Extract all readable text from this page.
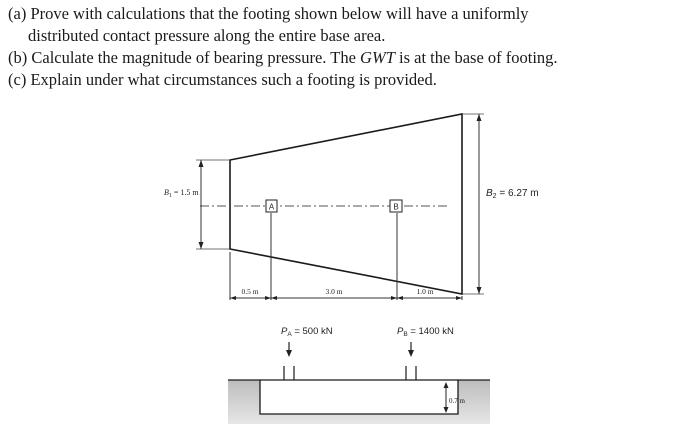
(a) Prove with calculations that the footing shown below will have a uniformly
distributed contact pressure along the entire base area.
(b) Calculate the magnitude of bearing pressure. The GWT is at the base of footing.
(c) Explain under what circumstances such a footing is provided.
A	B
$B_1 = 1.5$ m	$B_2 = 6.27$ m
0.5 m	3.0 m	1.0 m
$P_A = 500$ kN	$P_B = 1400$ kN
0.7 m
